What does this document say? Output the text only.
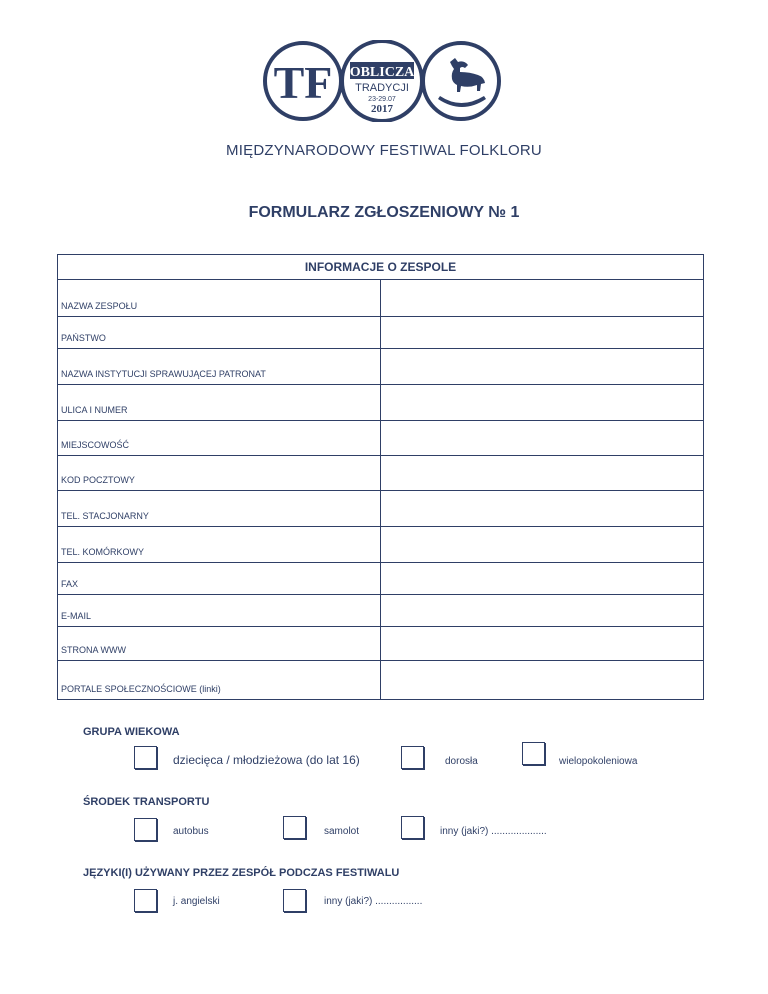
TF OBLICZA
TRADYCJI
23-29.07
2017
MIĘDZYNARODOWY FESTIWAL FOLKLORU
FORMULARZ ZGŁOSZENIOWY № 1
INFORMACJE O ZESPOLE	
NAZWA ZESPOŁU	
PAŃSTWO	
NAZWA INSTYTUCJI SPRAWUJĄCEJ PATRONAT	
ULICA I NUMER	
MIEJSCOWOŚĆ	
KOD POCZTOWY	
TEL. STACJONARNY	
TEL. KOMÓRKOWY	
FAX	
E-MAIL	
STRONA WWW	
PORTALE SPOŁECZNOŚCIOWE (linki)	
GRUPA WIEKOWA
dziecięca / młodzieżowa (do lat 16)	dorosła	wielopokoleniowa
ŚRODEK TRANSPORTU
autobus	samolot	inny (jaki?) ....................
JĘZYKI(I) UŻYWANY PRZEZ ZESPÓŁ PODCZAS FESTIWALU
j. angielski	inny (jaki?) .................
